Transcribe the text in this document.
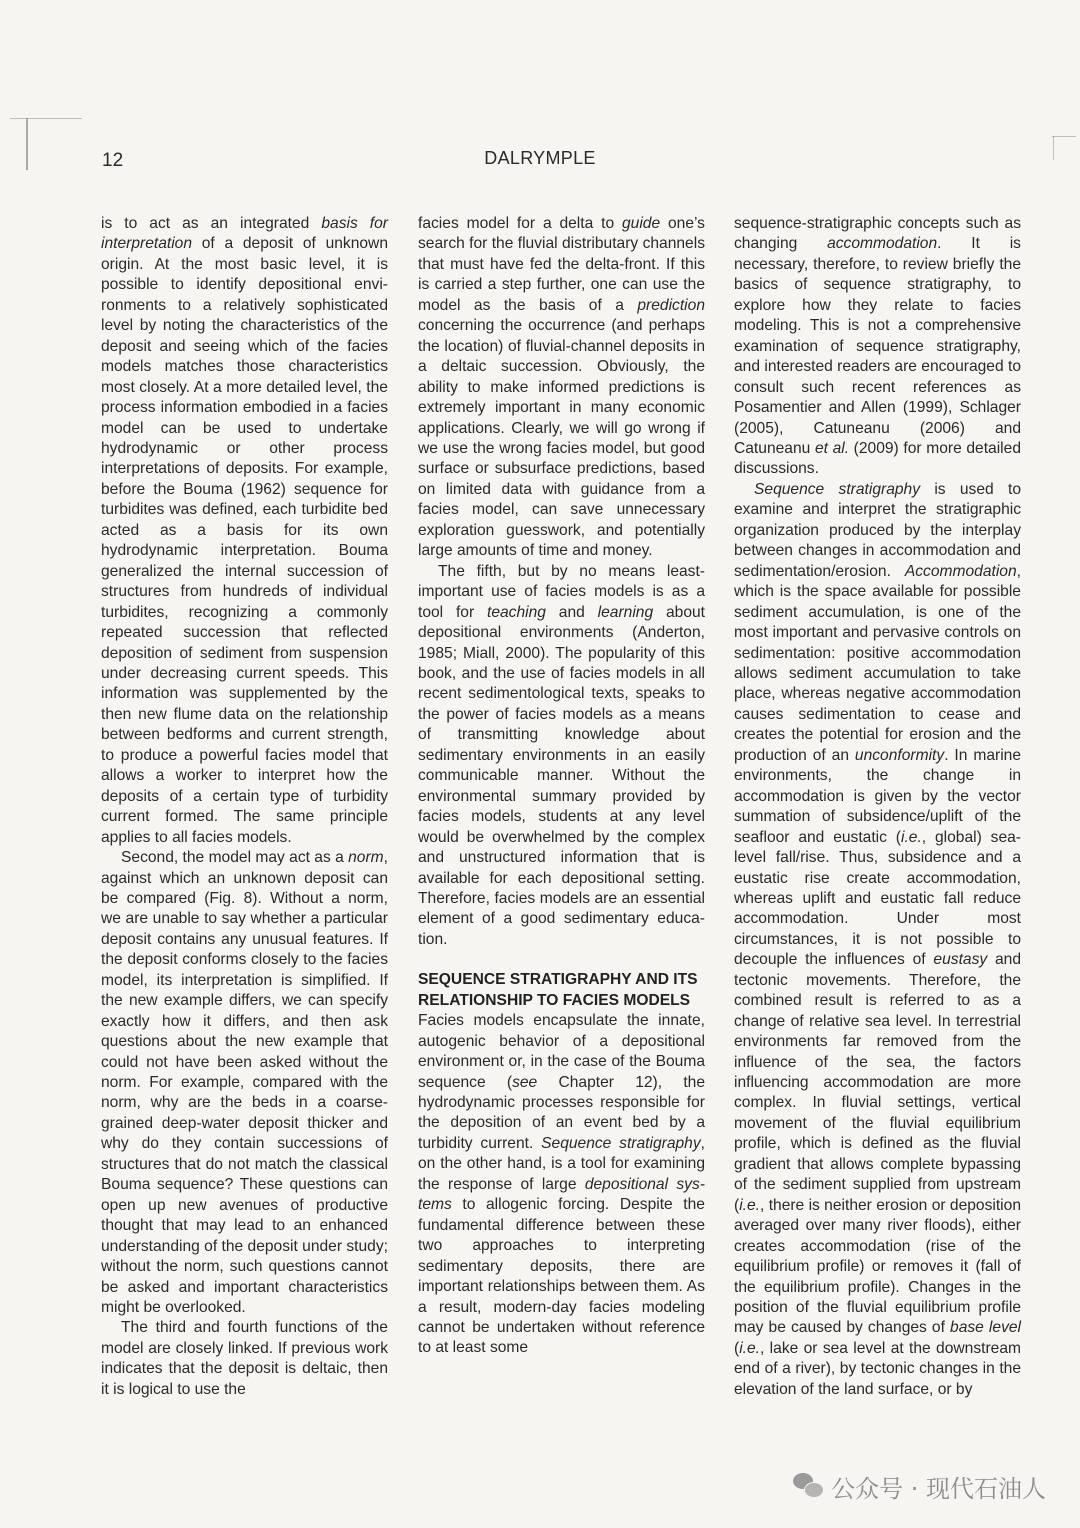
12	DALRYMPLE

is to act as an integrated basis for interpretation of a deposit of unknown origin. At the most basic level, it is possible to identify depositional environments to a relatively sophisticated level by noting the characteristics of the deposit and seeing which of the facies models matches those characteristics most closely. At a more detailed level, the process information embodied in a facies model can be used to undertake hydrodynamic or other process interpretations of deposits. For example, before the Bouma (1962) sequence for turbidites was defined, each turbidite bed acted as a basis for its own hydrodynamic interpretation. Bouma generalized the internal succession of structures from hundreds of individual turbidites, recognizing a commonly repeated succession that reflected deposition of sediment from suspension under decreasing current speeds. This information was supplemented by the then new flume data on the relationship between bedforms and current strength, to produce a powerful facies model that allows a worker to interpret how the deposits of a certain type of turbidity current formed. The same principle applies to all facies models.

Second, the model may act as a norm, against which an unknown deposit can be compared (Fig. 8). Without a norm, we are unable to say whether a particular deposit contains any unusual features. If the deposit conforms closely to the facies model, its interpretation is simplified. If the new example differs, we can specify exactly how it differs, and then ask questions about the new example that could not have been asked without the norm. For example, compared with the norm, why are the beds in a coarse-grained deep-water deposit thicker and why do they contain successions of structures that do not match the classical Bouma sequence? These questions can open up new avenues of productive thought that may lead to an enhanced understanding of the deposit under study; without the norm, such questions cannot be asked and important characteristics might be overlooked.

The third and fourth functions of the model are closely linked. If previous work indicates that the deposit is deltaic, then it is logical to use the

facies model for a delta to guide one’s search for the fluvial distributary channels that must have fed the delta-front. If this is carried a step further, one can use the model as the basis of a prediction concerning the occurrence (and perhaps the location) of fluvial-channel deposits in a deltaic succession. Obviously, the ability to make informed predictions is extremely important in many economic applications. Clearly, we will go wrong if we use the wrong facies model, but good surface or subsurface predictions, based on limited data with guidance from a facies model, can save unnecessary exploration guesswork, and potentially large amounts of time and money.

The fifth, but by no means least-important use of facies models is as a tool for teaching and learning about depositional environments (Anderton, 1985; Miall, 2000). The popularity of this book, and the use of facies models in all recent sedimentological texts, speaks to the power of facies models as a means of transmitting knowledge about sedimentary environments in an easily communicable manner. Without the environmental summary provided by facies models, students at any level would be overwhelmed by the complex and unstructured information that is available for each depositional setting. Therefore, facies models are an essential element of a good sedimentary education.

SEQUENCE STRATIGRAPHY AND ITS RELATIONSHIP TO FACIES MODELS

Facies models encapsulate the innate, autogenic behavior of a depositional environment or, in the case of the Bouma sequence (see Chapter 12), the hydrodynamic processes responsible for the deposition of an event bed by a turbidity current. Sequence stratigraphy, on the other hand, is a tool for examining the response of large depositional systems to allogenic forcing. Despite the fundamental difference between these two approaches to interpreting sedimentary deposits, there are important relationships between them. As a result, modern-day facies modeling cannot be undertaken without reference to at least some

sequence-stratigraphic concepts such as changing accommodation. It is necessary, therefore, to review briefly the basics of sequence stratigraphy, to explore how they relate to facies modeling. This is not a comprehensive examination of sequence stratigraphy, and interested readers are encouraged to consult such recent references as Posamentier and Allen (1999), Schlager (2005), Catuneanu (2006) and Catuneanu et al. (2009) for more detailed discussions.

Sequence stratigraphy is used to examine and interpret the stratigraphic organization produced by the interplay between changes in accommodation and sedimentation/erosion. Accommodation, which is the space available for possible sediment accumulation, is one of the most important and pervasive controls on sedimentation: positive accommodation allows sediment accumulation to take place, whereas negative accommodation causes sedimentation to cease and creates the potential for erosion and the production of an unconformity. In marine environments, the change in accommodation is given by the vector summation of subsidence/uplift of the seafloor and eustatic (i.e., global) sea-level fall/rise. Thus, subsidence and a eustatic rise create accommodation, whereas uplift and eustatic fall reduce accommodation. Under most circumstances, it is not possible to decouple the influences of eustasy and tectonic movements. Therefore, the combined result is referred to as a change of relative sea level. In terrestrial environments far removed from the influence of the sea, the factors influencing accommodation are more complex. In fluvial settings, vertical movement of the fluvial equilibrium profile, which is defined as the fluvial gradient that allows complete bypassing of the sediment supplied from upstream (i.e., there is neither erosion or deposition averaged over many river floods), either creates accommodation (rise of the equilibrium profile) or removes it (fall of the equilibrium profile). Changes in the position of the fluvial equilibrium profile may be caused by changes of base level (i.e., lake or sea level at the downstream end of a river), by tectonic changes in the elevation of the land surface, or by

公众号 · 现代石油人
